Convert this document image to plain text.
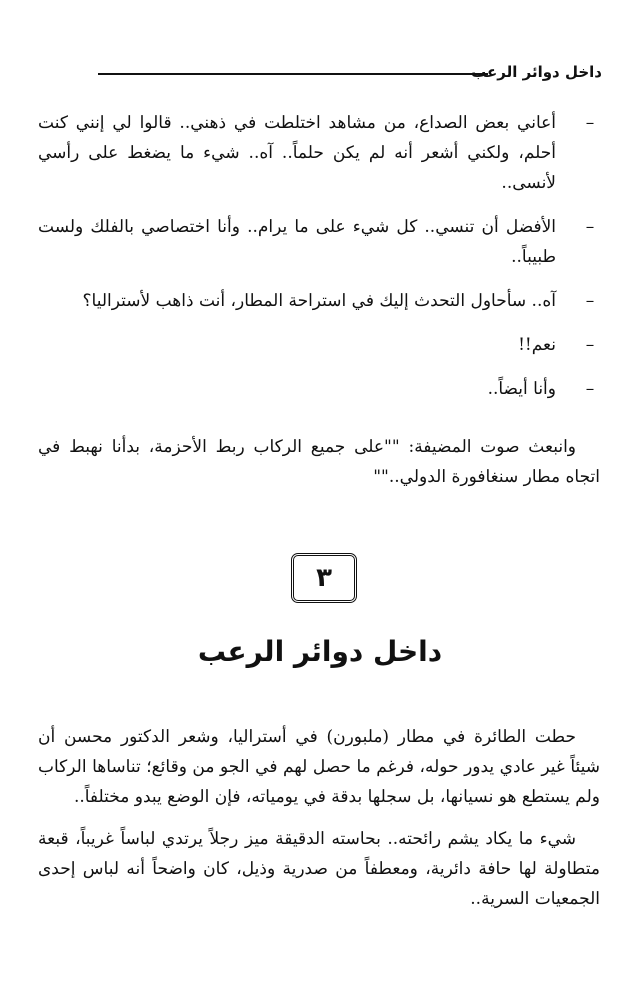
داخل دوائر الرعب
–
أعاني بعض الصداع، من مشاهد اختلطت في ذهني.. قالوا لي إنني كنت أحلم، ولكني أشعر أنه لم يكن حلماً.. آه.. شيء ما يضغط على رأسي لأنسى..
–
الأفضل أن تنسي.. كل شيء على ما يرام.. وأنا اختصاصي بالفلك ولست طبيباً..
–
آه.. سأحاول التحدث إليك في استراحة المطار، أنت ذاهب لأستراليا؟
–
نعم!!
–
وأنا أيضاً..
وانبعث صوت المضيفة: ""على جميع الركاب ربط الأحزمة، بدأنا نهبط في اتجاه مطار سنغافورة الدولي..""
٣
داخل دوائر الرعب

حطت الطائرة في مطار (ملبورن) في أستراليا، وشعر الدكتور محسن أن شيئاً غير عادي يدور حوله، فرغم ما حصل لهم في الجو من وقائع؛ تناساها الركاب ولم يستطع هو نسيانها، بل سجلها بدقة في يومياته، فإن الوضع يبدو مختلفاً..

شيء ما يكاد يشم رائحته.. بحاسته الدقيقة ميز رجلاً يرتدي لباساً غريباً، قبعة متطاولة لها حافة دائرية، ومعطفاً من صدرية وذيل، كان واضحاً أنه لباس إحدى الجمعيات السرية..
